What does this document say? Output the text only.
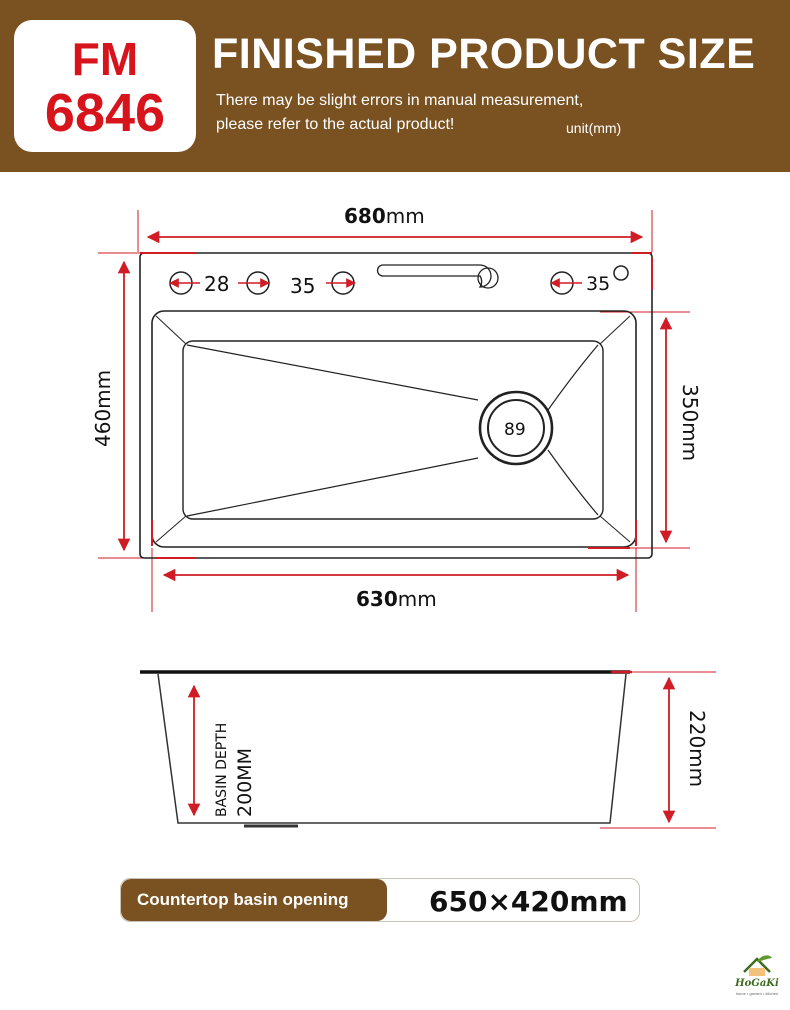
FM
6846
FINISHED PRODUCT SIZE
There may be slight errors in manual measurement,
please refer to the actual product!	unit(mm)
680mm
630mm
460mm	350mm
28	35	35
89
BASIN DEPTH 200MM	220mm
Countertop basin opening	650×420mm
HoGaKi
home • garden • kitchen
